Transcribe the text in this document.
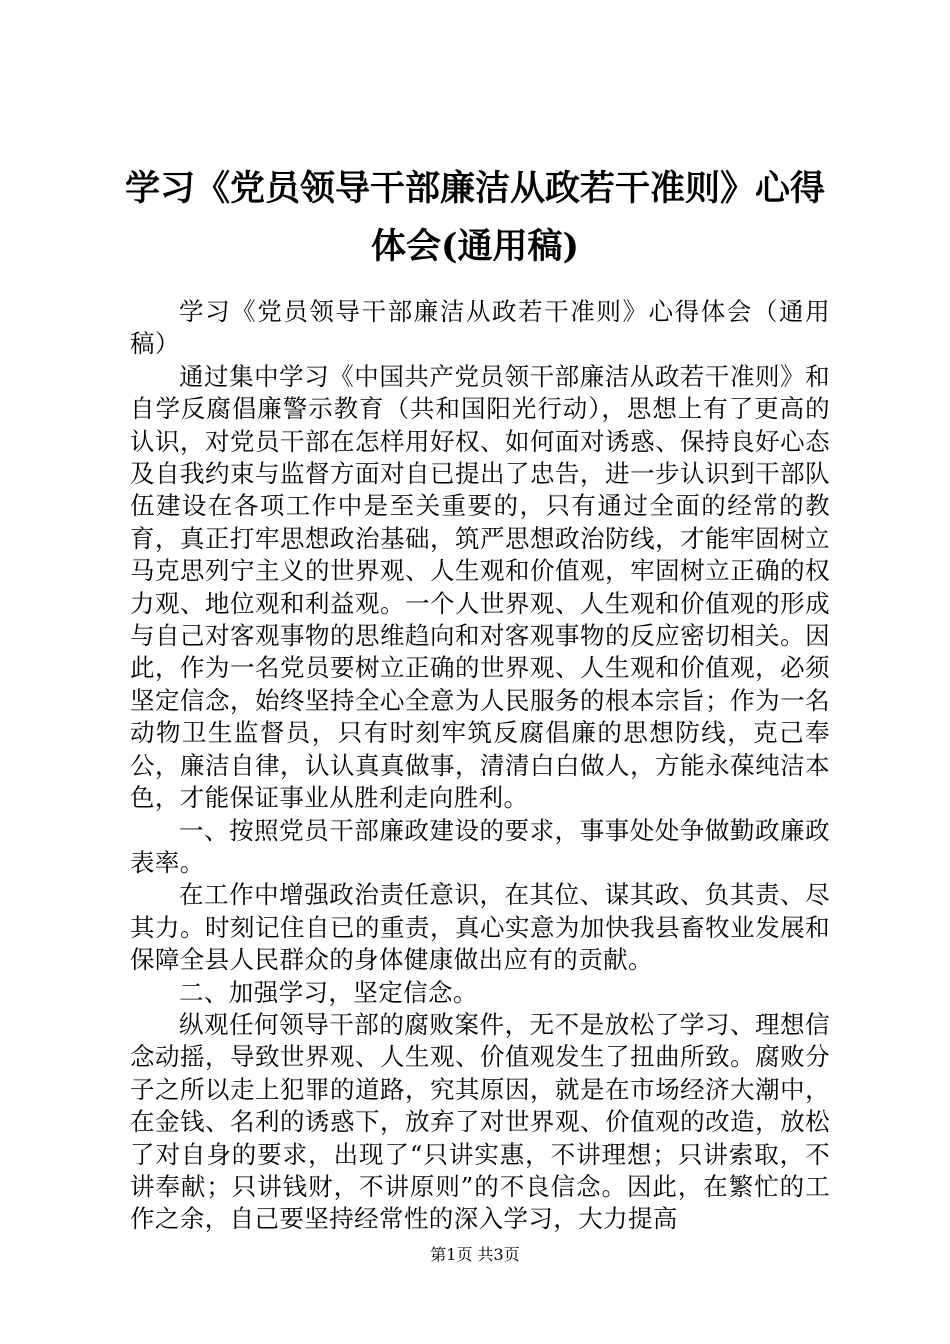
学习《党员领导干部廉洁从政若干准则》心得
体会(通用稿)

学习《党员领导干部廉洁从政若干准则》心得体会（通用稿）

通过集中学习《中国共产党员领干部廉洁从政若干准则》和自学反腐倡廉警示教育（共和国阳光行动），思想上有了更高的认识，对党员干部在怎样用好权、如何面对诱惑、保持良好心态及自我约束与监督方面对自已提出了忠告，进一步认识到干部队伍建设在各项工作中是至关重要的，只有通过全面的经常的教育，真正打牢思想政治基础，筑严思想政治防线，才能牢固树立马克思列宁主义的世界观、人生观和价值观，牢固树立正确的权力观、地位观和利益观。一个人世界观、人生观和价值观的形成与自己对客观事物的思维趋向和对客观事物的反应密切相关。因此，作为一名党员要树立正确的世界观、人生观和价值观，必须坚定信念，始终坚持全心全意为人民服务的根本宗旨；作为一名动物卫生监督员，只有时刻牢筑反腐倡廉的思想防线，克己奉公，廉洁自律，认认真真做事，清清白白做人，方能永葆纯洁本色，才能保证事业从胜利走向胜利。

一、按照党员干部廉政建设的要求，事事处处争做勤政廉政表率。

在工作中增强政治责任意识，在其位、谋其政、负其责、尽其力。时刻记住自已的重责，真心实意为加快我县畜牧业发展和保障全县人民群众的身体健康做出应有的贡献。

二、加强学习，坚定信念。

纵观任何领导干部的腐败案件，无不是放松了学习、理想信念动摇，导致世界观、人生观、价值观发生了扭曲所致。腐败分子之所以走上犯罪的道路，究其原因，就是在市场经济大潮中，在金钱、名利的诱惑下，放弃了对世界观、价值观的改造，放松了对自身的要求，出现了“只讲实惠，不讲理想；只讲索取，不讲奉献；只讲钱财，不讲原则”的不良信念。因此，在繁忙的工作之余，自己要坚持经常性的深入学习，大力提高

第1页 共3页
